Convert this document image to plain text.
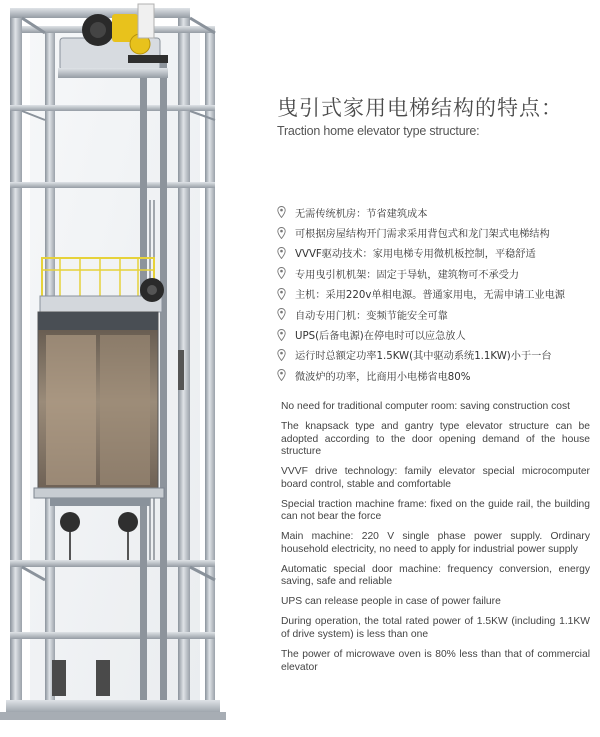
曳引式家用电梯结构的特点：
Traction home elevator type structure:
无需传统机房：节省建筑成本
可根据房屋结构开门需求采用背包式和龙门架式电梯结构
VVVF驱动技术：家用电梯专用微机板控制，平稳舒适
专用曳引机机架：固定于导轨，建筑物可不承受力
主机：采用220v单相电源。普通家用电，无需申请工业电源
自动专用门机：变频节能安全可靠
UPS(后备电源)在停电时可以应急放人
运行时总额定功率1.5KW(其中驱动系统1.1KW)小于一台
微波炉的功率，比商用小电梯省电80%

No need for traditional computer room: saving construction cost

The knapsack type and gantry type elevator structure can be adopted according to the door opening demand of the house structure

VVVF drive technology: family elevator special microcomputer board control, stable and comfortable

Special traction machine frame: fixed on the guide rail, the building can not bear the force

Main machine: 220 V single phase power supply. Ordinary household electricity, no need to apply for industrial power supply

Automatic special door machine: frequency conversion, energy saving, safe and reliable

UPS can release people in case of power failure

During operation, the total rated power of 1.5KW (including 1.1KW of drive system) is less than one

The power of microwave oven is 80% less than that of commercial elevator
